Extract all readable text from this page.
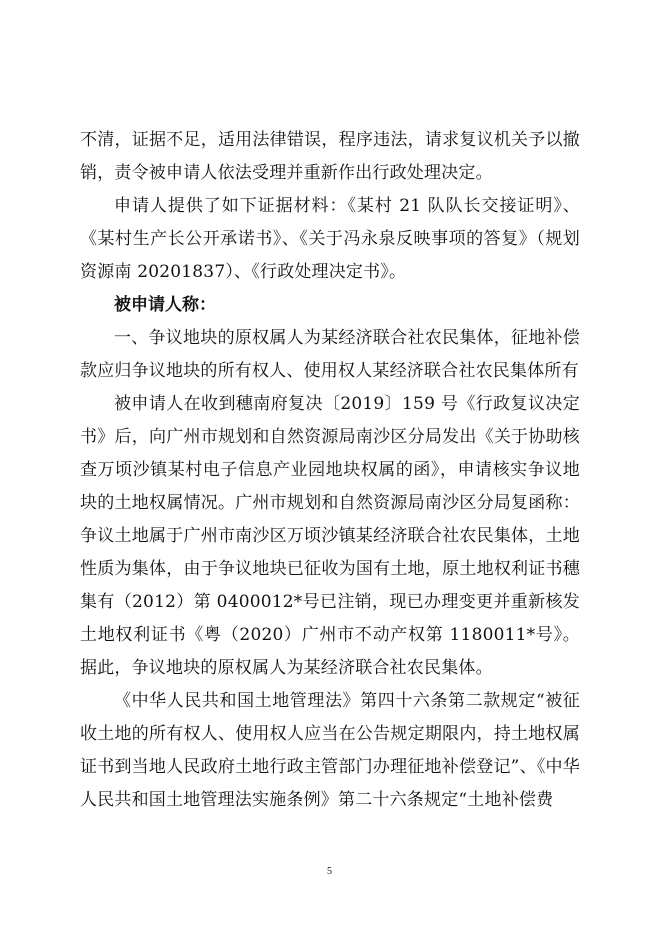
不清，证据不足，适用法律错误，程序违法，请求复议机关予以撤销，责令被申请人依法受理并重新作出行政处理决定。

申请人提供了如下证据材料：《某村 21 队队长交接证明》、《某村生产长公开承诺书》、《关于冯永泉反映事项的答复》（规划资源南 20201837）、《行政处理决定书》。

被申请人称：

一、争议地块的原权属人为某经济联合社农民集体，征地补偿款应归争议地块的所有权人、使用权人某经济联合社农民集体所有

被申请人在收到穗南府复决〔2019〕159 号《行政复议决定书》后，向广州市规划和自然资源局南沙区分局发出《关于协助核查万顷沙镇某村电子信息产业园地块权属的函》，申请核实争议地块的土地权属情况。广州市规划和自然资源局南沙区分局复函称：争议土地属于广州市南沙区万顷沙镇某经济联合社农民集体，土地性质为集体，由于争议地块已征收为国有土地，原土地权利证书穗集有（2012）第 0400012*号已注销，现已办理变更并重新核发土地权利证书《粤（2020）广州市不动产权第 1180011*号》。据此，争议地块的原权属人为某经济联合社农民集体。

《中华人民共和国土地管理法》第四十六条第二款规定“被征收土地的所有权人、使用权人应当在公告规定期限内，持土地权属证书到当地人民政府土地行政主管部门办理征地补偿登记”、《中华人民共和国土地管理法实施条例》第二十六条规定“土地补偿费

5
